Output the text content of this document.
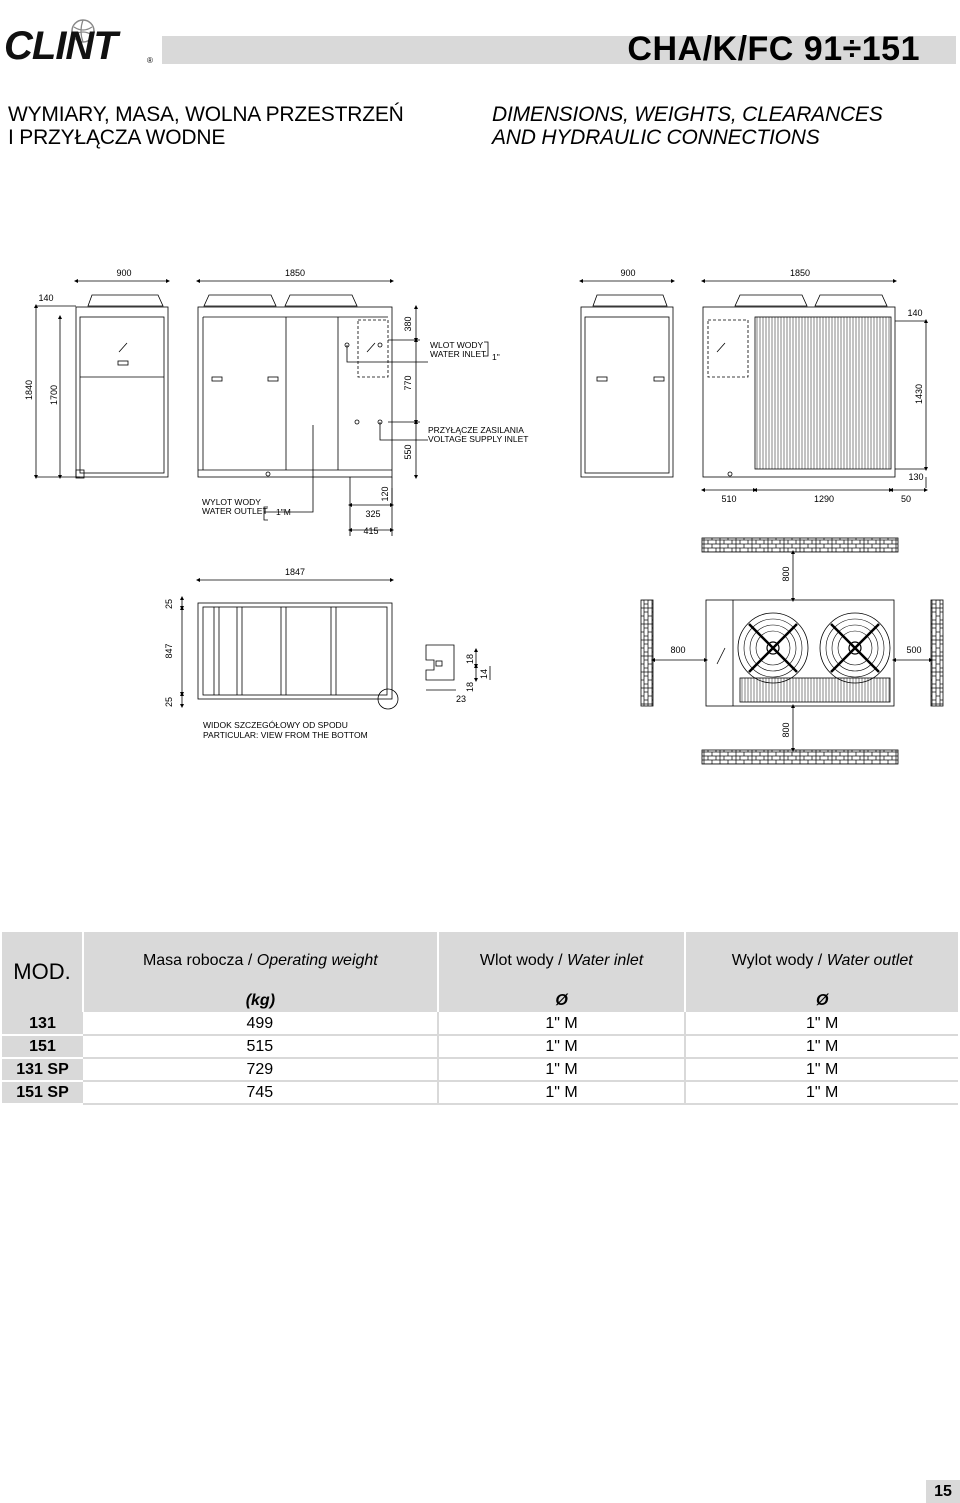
CLINT	®	CHA/K/FC 91÷151
WYMIARY, MASA, WOLNA PRZESTRZEŃ
I PRZYŁĄCZA WODNE
DIMENSIONS, WEIGHTS, CLEARANCES
AND HYDRAULIC CONNECTIONS
900	1850	900	1850
140
140
1840 1700
380
770
550
1430
130
120
325
415
510	1290	50
1847
25
847
25
18
18
14
23
800
800	500
800
WLOT WODY
WATER INLET 1"
PRZYŁĄCZE ZASILANIA
VOLTAGE SUPPLY INLET
WYLOT WODY
WATER OUTLET 1"M
WIDOK SZCZEGÓŁOWY OD SPODU
PARTICULAR: VIEW FROM THE BOTTOM
MOD.	Masa robocza / Operating weight	Wlot wody / Water inlet	Wylot wody / Water outlet
	(kg)	Ø	Ø
131	499	1" M	1" M
151	515	1" M	1" M
131 SP	729	1" M	1" M
151 SP	745	1" M	1" M
15
